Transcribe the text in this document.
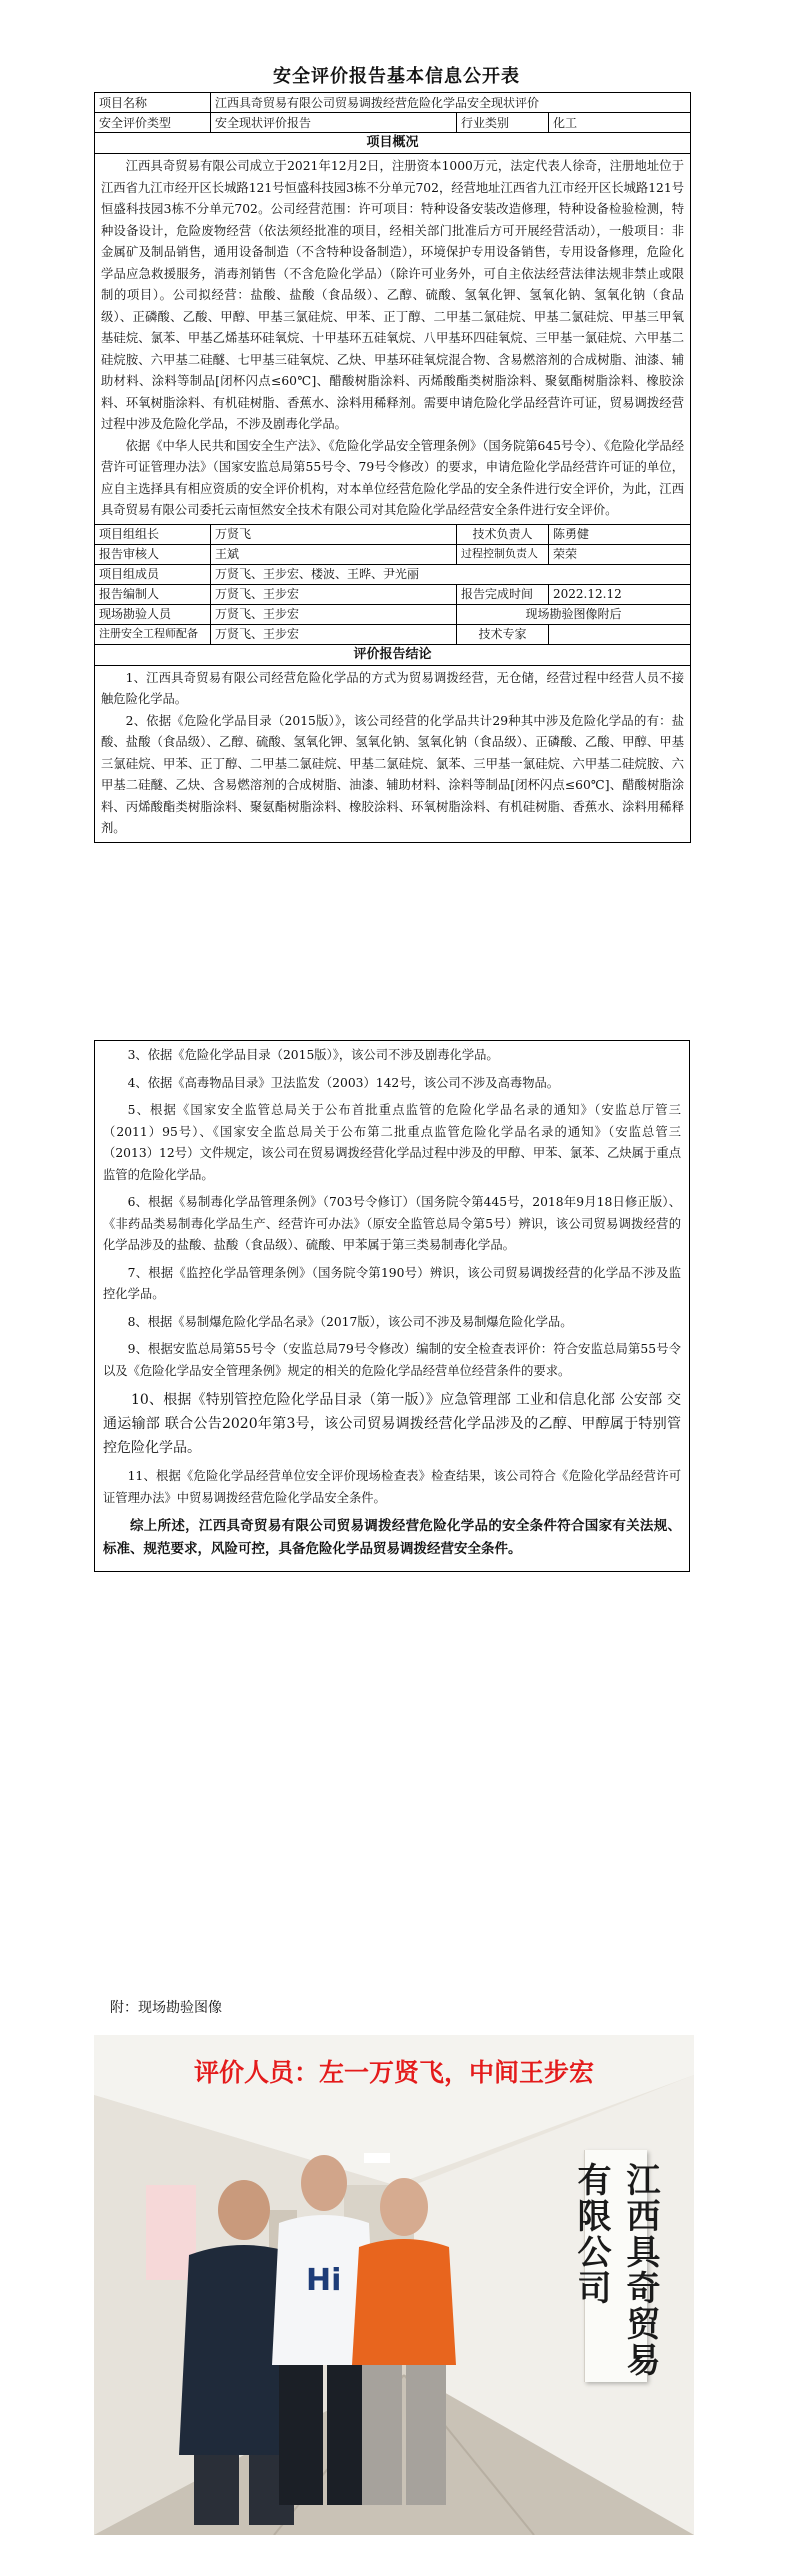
安全评价报告基本信息公开表
项目名称	江西具奇贸易有限公司贸易调拨经营危险化学品安全现状评价		
安全评价类型	安全现状评价报告	行业类别	化工
项目概况			

江西具奇贸易有限公司成立于2021年12月2日，注册资本1000万元，法定代表人徐奇，注册地址位于江西省九江市经开区长城路121号恒盛科技园3栋不分单元702，经营地址江西省九江市经开区长城路121号恒盛科技园3栋不分单元702。公司经营范围：许可项目：特种设备安装改造修理，特种设备检验检测，特种设备设计，危险废物经营（依法须经批准的项目，经相关部门批准后方可开展经营活动），一般项目：非金属矿及制品销售，通用设备制造（不含特种设备制造），环境保护专用设备销售，专用设备修理，危险化学品应急救援服务，消毒剂销售（不含危险化学品）（除许可业务外，可自主依法经营法律法规非禁止或限制的项目）。公司拟经营：盐酸、盐酸（食品级）、乙醇、硫酸、氢氧化钾、氢氧化钠、氢氧化钠（食品级）、正磷酸、乙酸、甲醇、甲基三氯硅烷、甲苯、正丁醇、二甲基二氯硅烷、甲基二氯硅烷、甲基三甲氧基硅烷、氯苯、甲基乙烯基环硅氧烷、十甲基环五硅氧烷、八甲基环四硅氧烷、三甲基一氯硅烷、六甲基二硅烷胺、六甲基二硅醚、七甲基三硅氧烷、乙炔、甲基环硅氧烷混合物、含易燃溶剂的合成树脂、油漆、辅助材料、涂料等制品[闭杯闪点≤60℃]、醋酸树脂涂料、丙烯酸酯类树脂涂料、聚氨酯树脂涂料、橡胶涂料、环氧树脂涂料、有机硅树脂、香蕉水、涂料用稀释剂。需要申请危险化学品经营许可证，贸易调拨经营过程中涉及危险化学品，不涉及剧毒化学品。

依据《中华人民共和国安全生产法》、《危险化学品安全管理条例》（国务院第645号令）、《危险化学品经营许可证管理办法》（国家安监总局第55号令、79号令修改）的要求，申请危险化学品经营许可证的单位，应自主选择具有相应资质的安全评价机构，对本单位经营危险化学品的安全条件进行安全评价，为此，江西具奇贸易有限公司委托云南恒然安全技术有限公司对其危险化学品经营安全条件进行安全评价。			

项目组组长	万贤飞	技术负责人	陈勇健
报告审核人	王斌	过程控制负责人	荣荣
项目组成员	万贤飞、王步宏、楼波、王晔、尹光丽		
报告编制人	万贤飞、王步宏	报告完成时间	2022.12.12
现场勘验人员	万贤飞、王步宏	现场勘验图像附后	
注册安全工程师配备	万贤飞、王步宏	技术专家	
评价报告结论			

1、江西具奇贸易有限公司经营危险化学品的方式为贸易调拨经营，无仓储，经营过程中经营人员不接触危险化学品。

2、依据《危险化学品目录（2015版）》，该公司经营的化学品共计29种其中涉及危险化学品的有：盐酸、盐酸（食品级）、乙醇、硫酸、氢氧化钾、氢氧化钠、氢氧化钠（食品级）、正磷酸、乙酸、甲醇、甲基三氯硅烷、甲苯、正丁醇、二甲基二氯硅烷、甲基二氯硅烷、氯苯、三甲基一氯硅烷、六甲基二硅烷胺、六甲基二硅醚、乙炔、含易燃溶剂的合成树脂、油漆、辅助材料、涂料等制品[闭杯闪点≤60℃]、醋酸树脂涂料、丙烯酸酯类树脂涂料、聚氨酯树脂涂料、橡胶涂料、环氧树脂涂料、有机硅树脂、香蕉水、涂料用稀释剂。			

3、依据《危险化学品目录（2015版）》，该公司不涉及剧毒化学品。

4、依据《高毒物品目录》卫法监发（2003）142号，该公司不涉及高毒物品。

5、根据《国家安全监管总局关于公布首批重点监管的危险化学品名录的通知》（安监总厅管三（2011）95号）、《国家安全监总局关于公布第二批重点监管危险化学品名录的通知》（安监总管三（2013）12号）文件规定，该公司在贸易调拨经营化学品过程中涉及的甲醇、甲苯、氯苯、乙炔属于重点监管的危险化学品。

6、根据《易制毒化学品管理条例》（703号令修订）（国务院令第445号，2018年9月18日修正版）、《非药品类易制毒化学品生产、经营许可办法》（原安全监管总局令第5号）辨识，该公司贸易调拨经营的化学品涉及的盐酸、盐酸（食品级）、硫酸、甲苯属于第三类易制毒化学品。

7、根据《监控化学品管理条例》（国务院令第190号）辨识，该公司贸易调拨经营的化学品不涉及监控化学品。

8、根据《易制爆危险化学品名录》（2017版），该公司不涉及易制爆危险化学品。

9、根据安监总局第55号令（安监总局79号令修改）编制的安全检查表评价：符合安监总局第55号令以及《危险化学品安全管理条例》规定的相关的危险化学品经营单位经营条件的要求。

10、根据《特别管控危险化学品目录（第一版）》应急管理部 工业和信息化部 公安部 交通运输部 联合公告2020年第3号，该公司贸易调拨经营化学品涉及的乙醇、甲醇属于特别管控危险化学品。

11、根据《危险化学品经营单位安全评价现场检查表》检查结果，该公司符合《危险化学品经营许可证管理办法》中贸易调拨经营危险化学品安全条件。

综上所述，江西具奇贸易有限公司贸易调拨经营危险化学品的安全条件符合国家有关法规、标准、规范要求，风险可控，具备危险化学品贸易调拨经营安全条件。

附：现场勘验图像
Hi
评价人员：左一万贤飞，中间王步宏
江西具奇贸易有限公司
